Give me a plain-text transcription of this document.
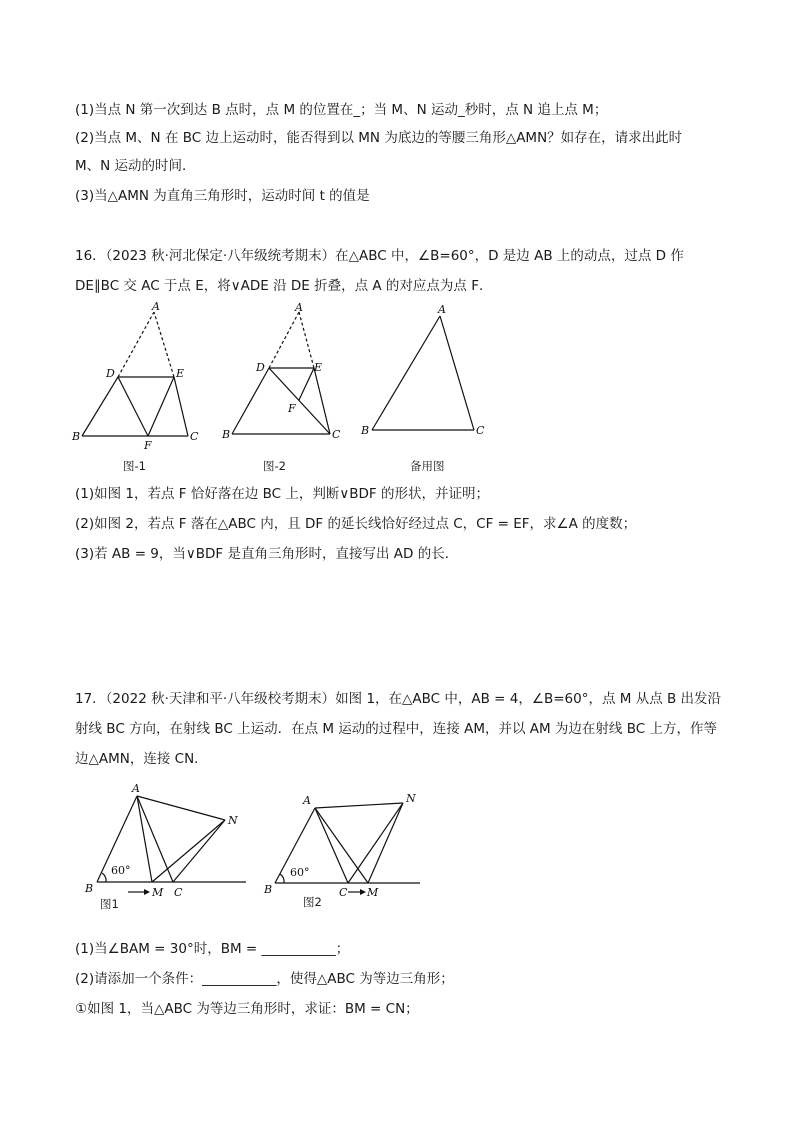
(1)当点 N 第一次到达 B 点时，点 M 的位置在_；当 M、N 运动_秒时，点 N 追上点 M；
(2)当点 M、N 在 BC 边上运动时，能否得到以 MN 为底边的等腰三角形△AMN？如存在，请求出此时
M、N 运动的时间．
(3)当△AMN 为直角三角形时，运动时间 t 的值是
16．（2023 秋·河北保定·八年级统考期末）在△ABC 中，∠B=60°，D 是边 AB 上的动点，过点 D 作
DE∥BC 交 AC 于点 E，将∨ADE 沿 DE 折叠，点 A 的对应点为点 F．
A
D	E
B	C
F
图-1
A
D	E
F
B	C
图-2
A
B	C
备用图
(1)如图 1，若点 F 恰好落在边 BC 上，判断∨BDF 的形状，并证明；
(2)如图 2，若点 F 落在△ABC 内，且 DF 的延长线恰好经过点 C，CF = EF，求∠A 的度数；
(3)若 AB = 9，当∨BDF 是直角三角形时，直接写出 AD 的长．
17．（2022 秋·天津和平·八年级校考期末）如图 1，在△ABC 中，AB = 4，∠B=60°，点 M 从点 B 出发沿
射线 BC 方向，在射线 BC 上运动．在点 M 运动的过程中，连接 AM，并以 AM 为边在射线 BC 上方，作等
边△AMN，连接 CN．
60°
A
N
B	M C
图1
60°
A	N
B	C M
图2
(1)当∠BAM = 30°时，BM = ___________；
(2)请添加一个条件：___________，使得△ABC 为等边三角形；
①如图 1，当△ABC 为等边三角形时，求证：BM = CN；
